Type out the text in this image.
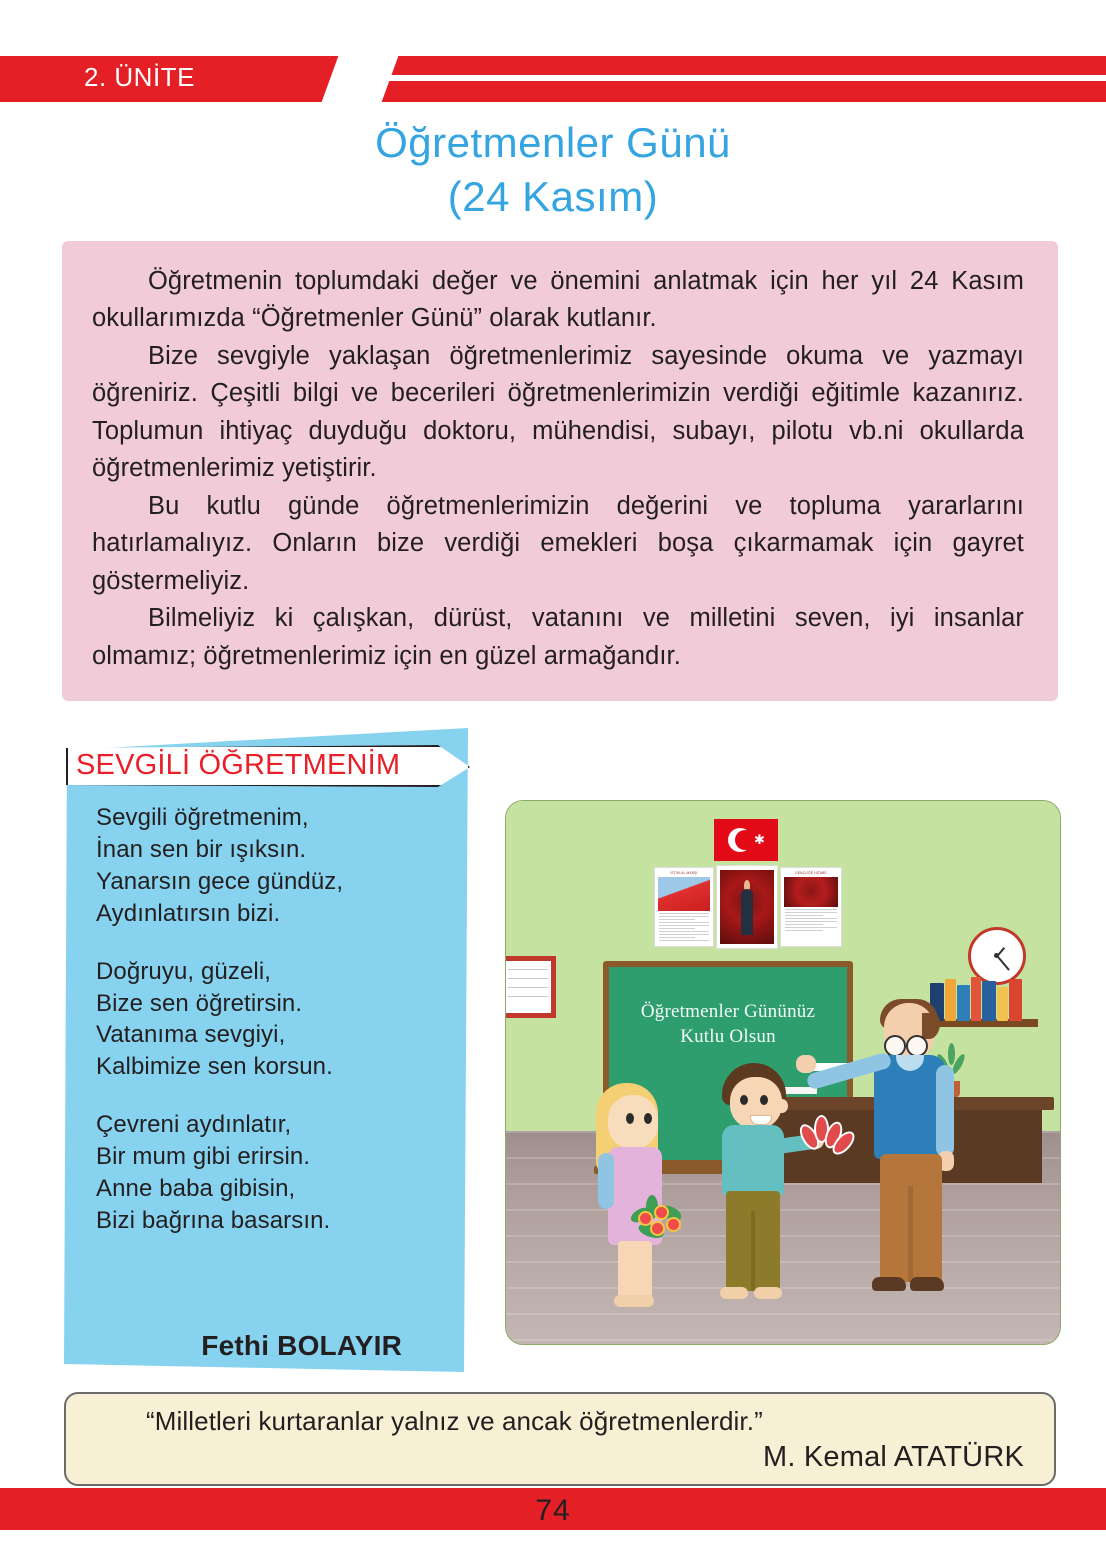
2. ÜNİTE
Öğretmenler Günü
(24 Kasım)

Öğretmenin toplumdaki değer ve önemini anlatmak için her yıl 24 Kasım okullarımızda “Öğretmenler Günü” olarak kutlanır.

Bize sevgiyle yaklaşan öğretmenlerimiz sayesinde okuma ve yazmayı öğreniriz. Çeşitli bilgi ve becerileri öğretmenlerimizin verdiği eğitimle kazanırız. Toplumun ihtiyaç duyduğu doktoru, mühendisi, subayı, pilotu vb.ni okullarda öğretmenlerimiz yetiştirir.

Bu kutlu günde öğretmenlerimizin değerini ve topluma yararlarını hatırlamalıyız. Onların bize verdiği emekleri boşa çıkarmamak için gayret göstermeliyiz.

Bilmeliyiz ki çalışkan, dürüst, vatanını ve milletini seven, iyi insanlar olmamız; öğretmenlerimiz için en güzel armağandır.

SEVGİLİ ÖĞRETMENİM
Sevgili öğretmenim,
İnan sen bir ışıksın.
Yanarsın gece gündüz,
Aydınlatırsın bizi.
Doğruyu, güzeli,
Bize sen öğretirsin.
Vatanıma sevgiyi,
Kalbimize sen korsun.
Çevreni aydınlatır,
Bir mum gibi erirsin.
Anne baba gibisin,
Bizi bağrına basarsın.
Fethi BOLAYIR
✱
İSTİKLAL MARŞI	GENÇLİĞE HİTABE
Öğretmenler Gününüz
Kutlu Olsun
“Milletleri kurtaranlar yalnız ve ancak öğretmenlerdir.”
M. Kemal ATATÜRK
74
